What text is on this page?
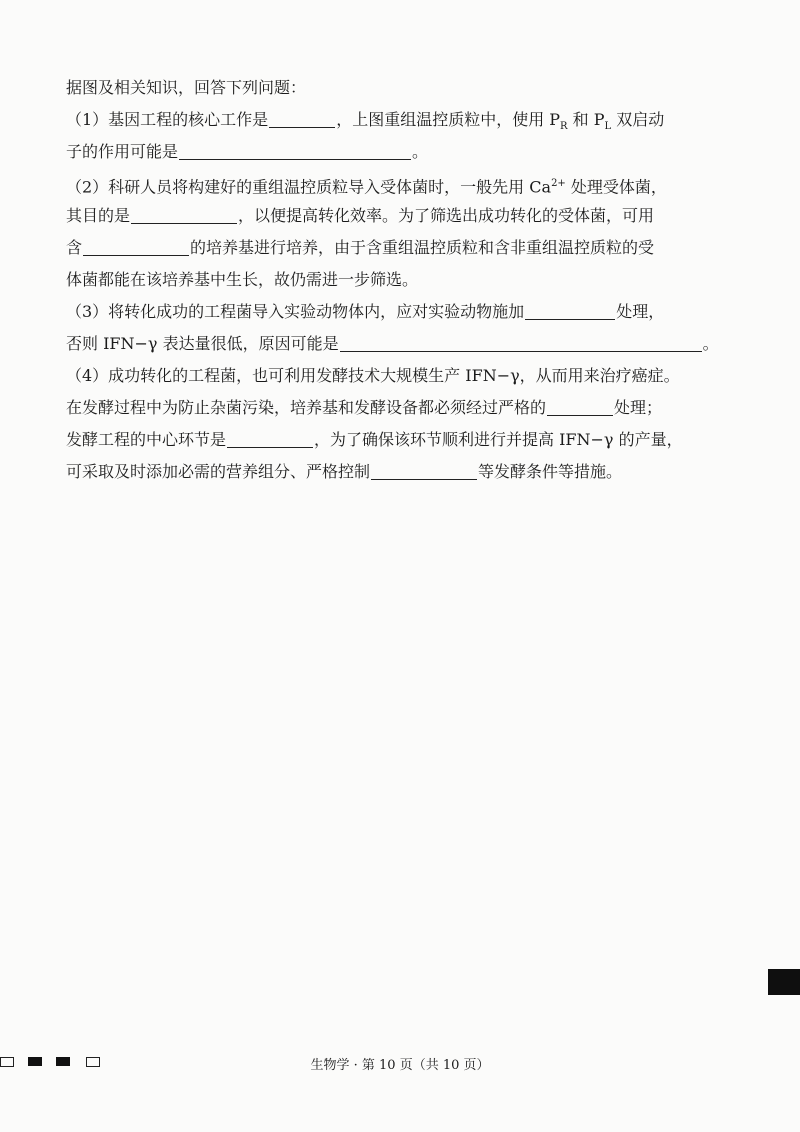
据图及相关知识，回答下列问题：
（1）基因工程的核心工作是	，上图重组温控质粒中，使用 $P_R$ 和 $P_L$ 双启动
子的作用可能是	。
（2）科研人员将构建好的重组温控质粒导入受体菌时，一般先用 $Ca^{2+}$ 处理受体菌，
其目的是	，以便提高转化效率。为了筛选出成功转化的受体菌，可用
含	的培养基进行培养，由于含重组温控质粒和含非重组温控质粒的受
体菌都能在该培养基中生长，故仍需进一步筛选。
（3）将转化成功的工程菌导入实验动物体内，应对实验动物施加	处理，
否则 IFN−γ 表达量很低，原因可能是	。
（4）成功转化的工程菌，也可利用发酵技术大规模生产 IFN−γ，从而用来治疗癌症。
在发酵过程中为防止杂菌污染，培养基和发酵设备都必须经过严格的	处理；
发酵工程的中心环节是	，为了确保该环节顺利进行并提高 IFN−γ 的产量，
可采取及时添加必需的营养组分、严格控制	等发酵条件等措施。
生物学 · 第 10 页（共 10 页）
